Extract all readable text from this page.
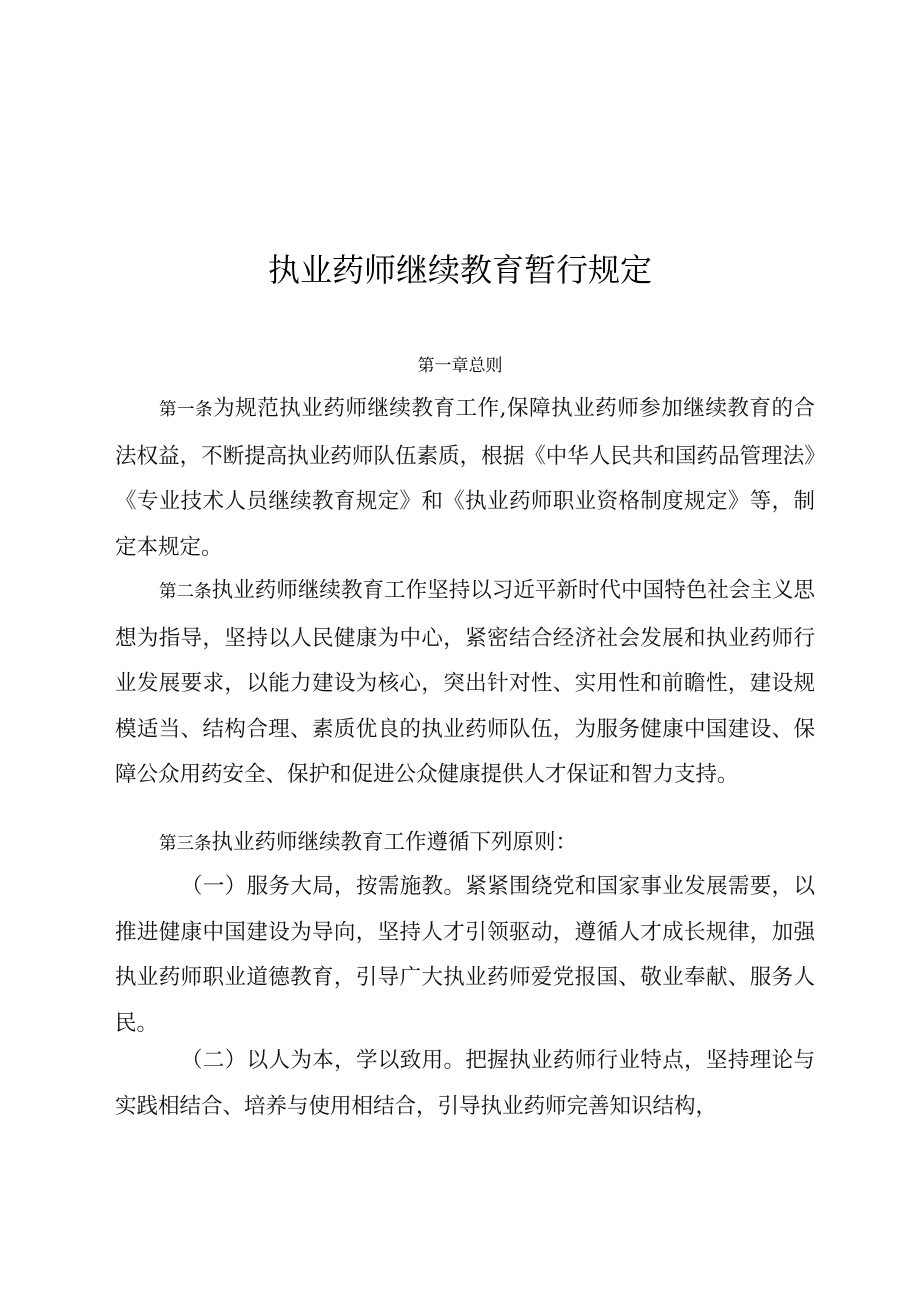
执业药师继续教育暂行规定
第一章总则

第一条为规范执业药师继续教育工作,保障执业药师参加继续教育的合法权益，不断提高执业药师队伍素质，根据《中华人民共和国药品管理法》《专业技术人员继续教育规定》和《执业药师职业资格制度规定》等，制定本规定。

第二条执业药师继续教育工作坚持以习近平新时代中国特色社会主义思想为指导，坚持以人民健康为中心，紧密结合经济社会发展和执业药师行业发展要求，以能力建设为核心，突出针对性、实用性和前瞻性，建设规模适当、结构合理、素质优良的执业药师队伍，为服务健康中国建设、保障公众用药安全、保护和促进公众健康提供人才保证和智力支持。

第三条执业药师继续教育工作遵循下列原则：

（一）服务大局，按需施教。紧紧围绕党和国家事业发展需要，以推进健康中国建设为导向，坚持人才引领驱动，遵循人才成长规律，加强执业药师职业道德教育，引导广大执业药师爱党报国、敬业奉献、服务人民。

（二）以人为本，学以致用。把握执业药师行业特点，坚持理论与实践相结合、培养与使用相结合，引导执业药师完善知识结构，
